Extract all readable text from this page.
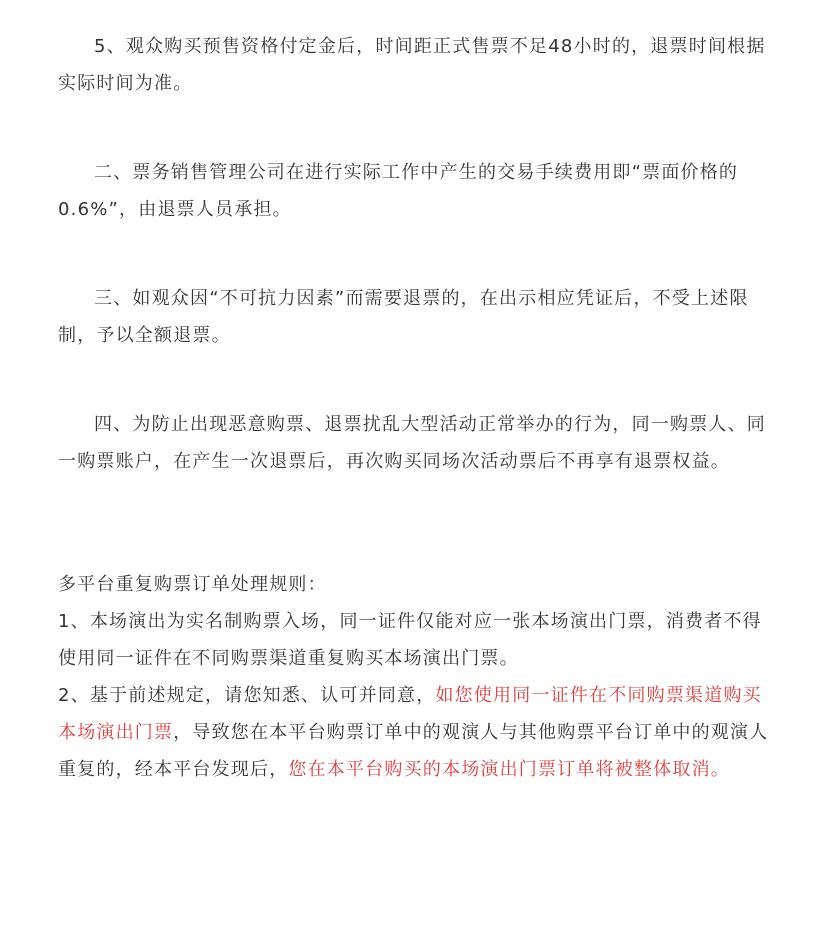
5、观众购买预售资格付定金后，时间距正式售票不足48小时的，退票时间根据实际时间为准。

二、票务销售管理公司在进行实际工作中产生的交易手续费用即“票面价格的0.6%”，由退票人员承担。

三、如观众因“不可抗力因素”而需要退票的，在出示相应凭证后，不受上述限制，予以全额退票。

四、为防止出现恶意购票、退票扰乱大型活动正常举办的行为，同一购票人、同一购票账户，在产生一次退票后，再次购买同场次活动票后不再享有退票权益。

多平台重复购票订单处理规则：

1、本场演出为实名制购票入场，同一证件仅能对应一张本场演出门票，消费者不得使用同一证件在不同购票渠道重复购买本场演出门票。

2、基于前述规定，请您知悉、认可并同意，如您使用同一证件在不同购票渠道购买本场演出门票，导致您在本平台购票订单中的观演人与其他购票平台订单中的观演人重复的，经本平台发现后，您在本平台购买的本场演出门票订单将被整体取消。
